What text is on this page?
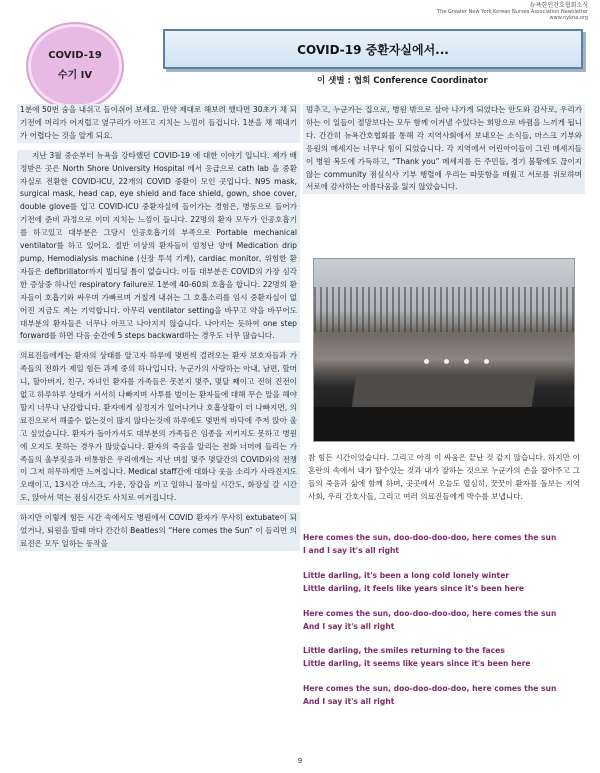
뉴욕한인간호협회소식
The Greater New York Korean Nurses Association Newsletter
www.nykna.org
COVID-19
수기 IV
COVID-19 중환자실에서...
이 샛별 : 협회 Conference Coordinator

1분에 50번 숨을 내쉬고 들이쉬어 보세요. 만약 제대로 해보려 했다면 30초가 채 되기전에 머리가 어지럽고 옆구리가 아프고 지치는 느낌이 들겁니다. 1분을 채 해내기가 어렵다는 것을 알게 되요.

지난 3월 중순부터 뉴욕을 강타했던 COVID-19 에 대한 이야기 입니다. 제가 배정받은 곳은 North Shore University Hospital 에서 응급으로 cath lab 을 중환자실로 전환한 COVID-ICU, 22개의 COVID 중환이 모인 곳입니다. N95 mask, surgical mask, head cap, eye shield and face shield, gown, shoe cover, double glove를 입고 COVID-ICU 중환자실에 들어가는 경험은, 병동으로 들어가기전에 준비 과정으로 이미 지치는 느낌이 듭니다. 22명의 환자 모두가 인공호흡기를 하고있고 대부분은 그당시 인공호흡기의 부족으로 Portable mechanical ventilator를 하고 있어요. 절반 이상의 환자들이 엄청난 양에 Medication drip pump, Hemodialysis machine (신장 투석 기계), cardiac monitor, 위험한 환자들은 defibrillator까지 빌디딜 틈이 없습니다. 이들 대부분은 COVID의 가장 심각한 증상중 하나인 respiratory failure로 1분에 40-60회 호흡을 합니다. 22명의 환자들이 호흡기와 싸우며 가빠르며 거칠게 내쉬는 그 호흡소리를 임시 중환자실이 없어진 지금도 저는 기억합니다. 아무리 ventilator setting을 바꾸고 약을 바꾸어도 대부분의 환자들은 너무나 아프고 나아지지 않습니다. 나아지는 듯하여 one step forward를 하면 다음 순간에 5 steps backward하는 경우도 너무 많습니다.

의료진들에게는 환자의 상태를 알고자 하루에 몇번씩 걸려오는 환자 보호자들과 가족들의 전화가 제일 힘든 과제 중의 하나입니다. 누군가의 사랑하는 아내, 남편, 할머니, 할아버지, 친구, 자녀인 환자를 가족들은 못본지 몇주, 몇달 째이고 전혀 진전이 없고 하루하루 상태가 서서히 나빠지며 사투를 벌이는 환자들에 대해 무슨 말을 해야 할지 너무나 난감합니다. 환자에게 심정지가 일어나거나 호흡상황이 더 나빠지면, 의료진으로서 해줄수 없는것이 많지 않다는것에 하루에도 몇번씩 바닥에 주저 앉아 울고 싶었습니다. 환자가 돌아가셔도 대부분의 가족들은 임종을 지키지도 못하고 병원에 오지도 못하는 경우가 많았습니다. 환자의 죽음을 알리는 전화 너머에 들리는 가족들의 울부짖음과 비통함은 우리에게는 지난 며칠 몇주 몇달간의 COVID와의 전쟁이 그저 허무하게만 느껴집니다. Medical staff간에 대화나 웃음 소리가 사라진지도 오래이고, 13시간 마스크, 가운, 장갑을 끼고 일하니 물마실 시간도, 화장실 갈 시간도, 앉아서 먹는 점심시간도 사치로 여겨집니다.

하지만 이렇게 힘든 시간 속에서도 병원에서 COVID 환자가 무사히 extubate이 되었거나, 퇴원을 할때 마다 간간히 Beatles의 “Here comes the Sun” 이 들리면 의료진은 모두 일하는 동작을

멈추고, 누군가는 집으로, 병원 밖으로 살아 나가게 되었다는 안도와 감사로, 우리가 하는 이 일들이 절망보다는 모두 함께 이겨낼 수있다는 희망으로 바뀜을 느끼게 됩니다. 간간히 뉴욕간호협회를 통해 각 지역사회에서 보내오는 소식들, 마스크 기부와 응원의 메세지는 너무나 힘이 되었습니다. 각 지역에서 어린아이들이 그린 메세지들이 병원 복도에 가득하고, “Thank you” 메세지를 든 주민들, 경기 불황에도 끊이지 않는 community 점심식사 기부 행렬에 우리는 따뜻함을 배웠고 서로를 위로하며 서로에 감사하는 아름다움을 잃지 않았습니다.

참 힘든 시간이었습니다. 그리고 아직 이 싸움은 끝난 것 같지 않습니다. 하지만 이 혼란의 속에서 내가 할수있는 것과 내가 잘하는 것으로 누군가의 손을 잡아주고 그들의 죽음과 삶에 함께 하며, 곳곳에서 오늘도 열심히, 꿋꿋이 환자를 돌보는 지역사회, 우리 간호사들, 그리고 여러 의료진들에게 박수를 보냅니다.
Here comes the sun, doo-doo-doo-doo, here comes the sun
I and I say it's all right
Little darling, it's been a long cold lonely winter
Little darling, it feels like years since it's been here
Here comes the sun, doo-doo-doo-doo, here comes the sun
And I say it's all right
Little darling, the smiles returning to the faces
Little darling, it seems like years since it's been here
Here comes the sun, doo-doo-doo-doo, here comes the sun
And I say it's all right
9
